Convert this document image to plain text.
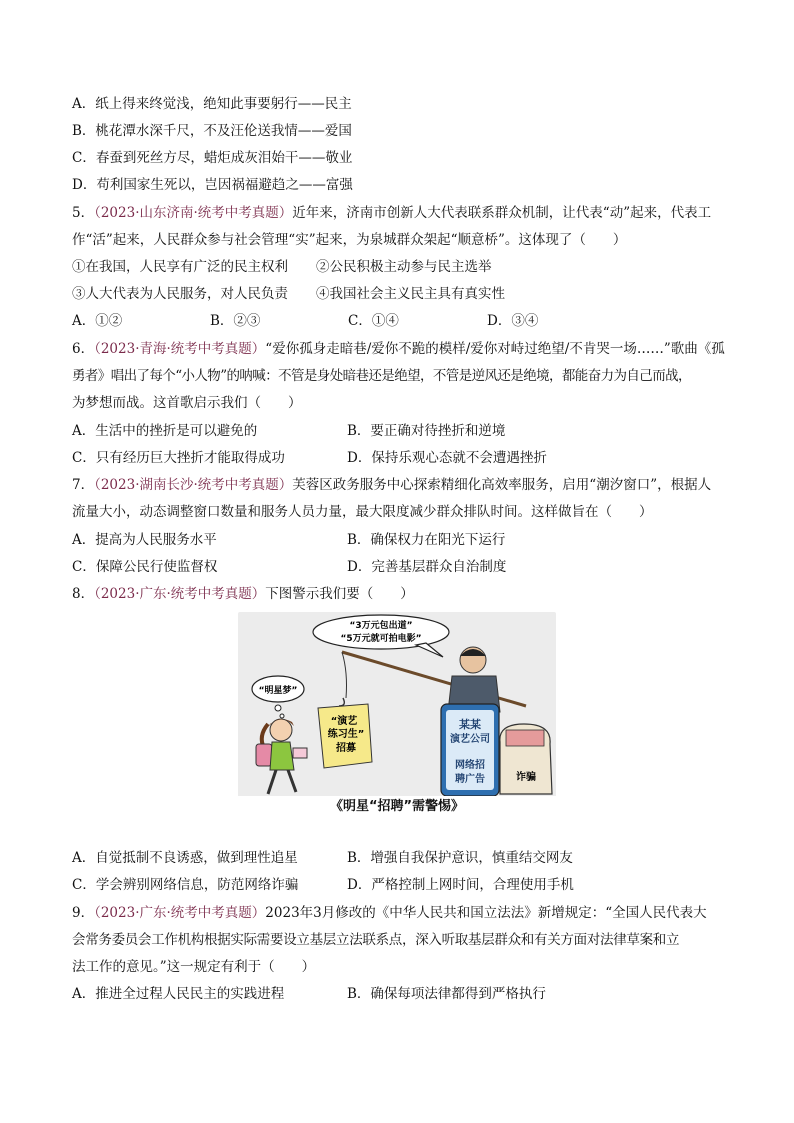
A．纸上得来终觉浅，绝知此事要躬行——民主
B．桃花潭水深千尺，不及汪伦送我情——爱国
C．春蚕到死丝方尽，蜡炬成灰泪始干——敬业
D．苟利国家生死以，岂因祸福避趋之——富强
5．（2023·山东济南·统考中考真题）近年来，济南市创新人大代表联系群众机制，让代表“动”起来，代表工
作“活”起来，人民群众参与社会管理“实”起来，为泉城群众架起“顺意桥”。这体现了（　　）
①在我国，人民享有广泛的民主权利 ②公民积极主动参与民主选举
③人大代表为人民服务，对人民负责 ④我国社会主义民主具有真实性
A．①②	B．②③	C．①④	D．③④
6．（2023·青海·统考中考真题）“爱你孤身走暗巷/爱你不跪的模样/爱你对峙过绝望/不肯哭一场……”歌曲《孤
勇者》唱出了每个“小人物”的呐喊：不管是身处暗巷还是绝望，不管是逆风还是绝境，都能奋力为自己而战，
为梦想而战。这首歌启示我们（　　）
A．生活中的挫折是可以避免的	B．要正确对待挫折和逆境
C．只有经历巨大挫折才能取得成功	D．保持乐观心态就不会遭遇挫折
7．（2023·湖南长沙·统考中考真题）芙蓉区政务服务中心探索精细化高效率服务，启用“潮汐窗口”，根据人
流量大小，动态调整窗口数量和服务人员力量，最大限度减少群众排队时间。这样做旨在（　　）
A．提高为人民服务水平	B．确保权力在阳光下运行
C．保障公民行使监督权	D．完善基层群众自治制度
8．（2023·广东·统考中考真题）下图警示我们要（　　）
“3万元包出道”
“5万元就可拍电影”
“明星梦”
“演艺
练习生”
招募
某某
演艺公司
网络招
聘广告	诈骗
《明星“招聘”需警惕》
A．自觉抵制不良诱惑，做到理性追星	B．增强自我保护意识，慎重结交网友
C．学会辨别网络信息，防范网络诈骗	D．严格控制上网时间，合理使用手机
9．（2023·广东·统考中考真题）2023年3月修改的《中华人民共和国立法法》新增规定：“全国人民代表大
会常务委员会工作机构根据实际需要设立基层立法联系点，深入听取基层群众和有关方面对法律草案和立
法工作的意见。”这一规定有利于（　　）
A．推进全过程人民民主的实践进程	B．确保每项法律都得到严格执行
